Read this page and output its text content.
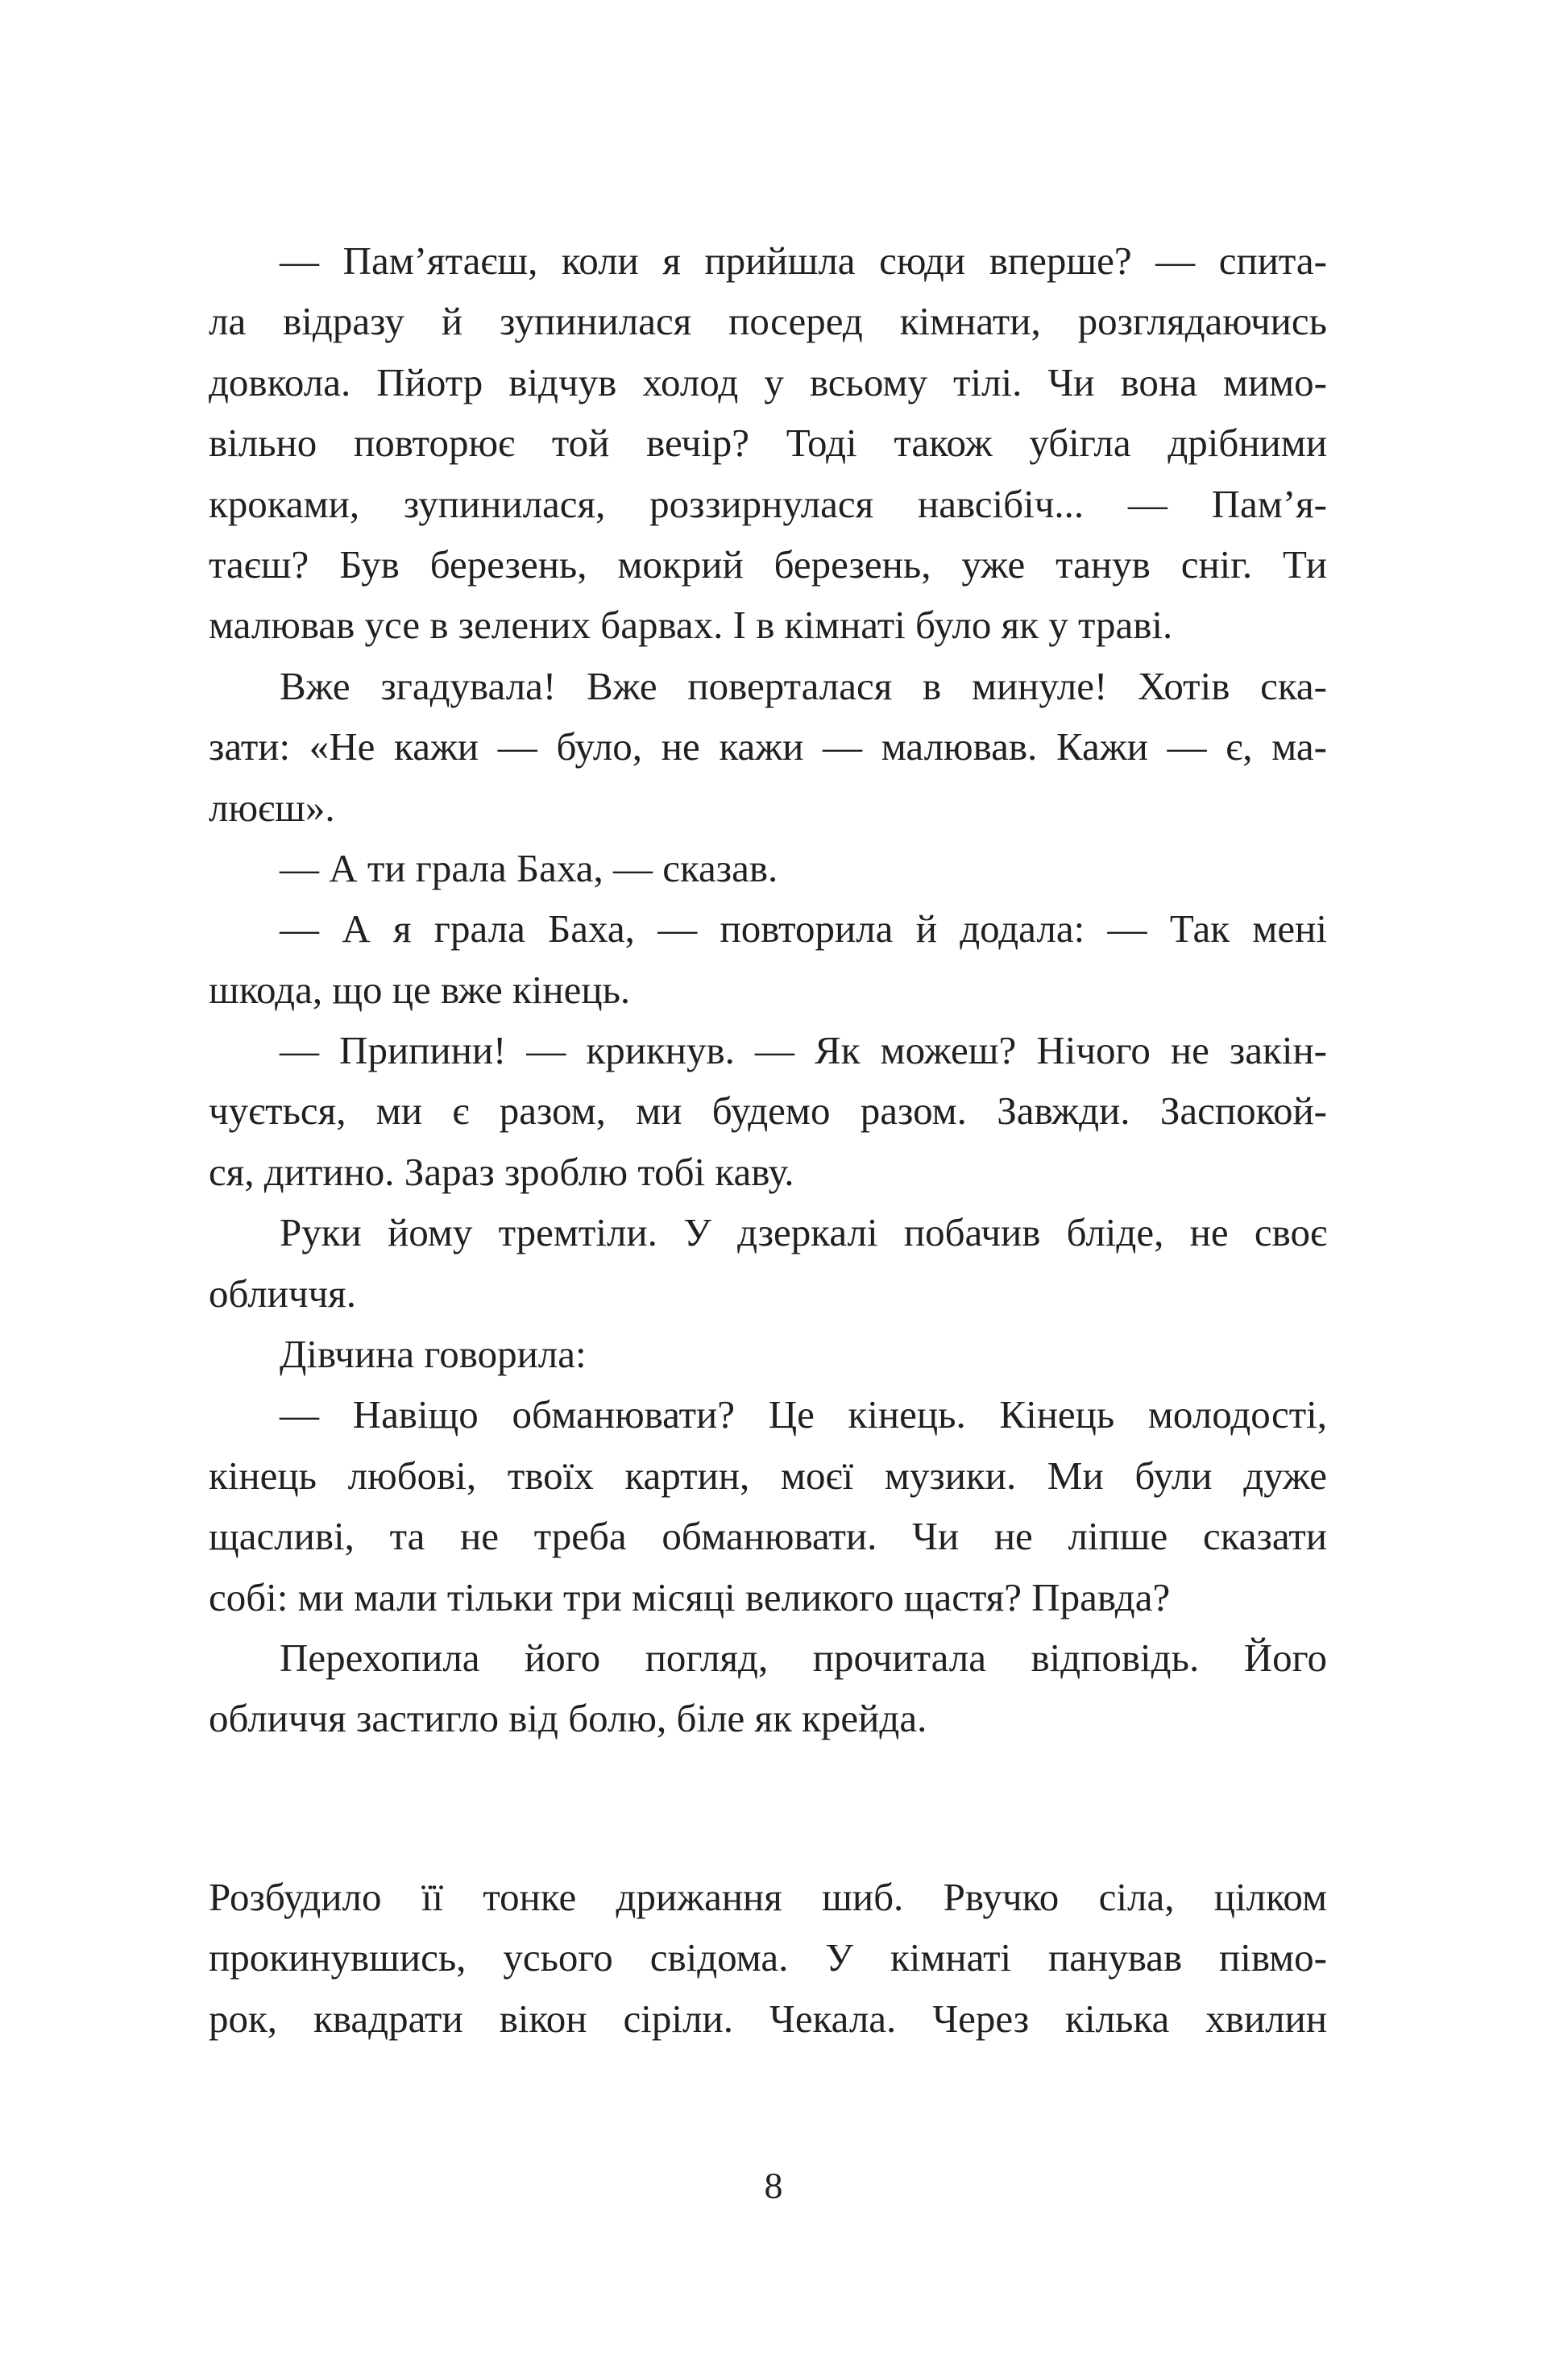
— Пам’ятаєш, коли я прийшла сюди вперше? — спита-
ла відразу й зупинилася посеред кімнати, розглядаючись
довкола. Пйотр відчув холод у всьому тілі. Чи вона мимо-
вільно повторює той вечір? Тоді також убігла дрібними
кроками, зупинилася, роззирнулася навсібіч... — Пам’я-
таєш? Був березень, мокрий березень, уже танув сніг. Ти
малював усе в зелених барвах. І в кімнаті було як у траві.
Вже згадувала! Вже поверталася в минуле! Хотів ска-
зати: «Не кажи — було, не кажи — малював. Кажи — є, ма-
люєш».
— А ти грала Баха, — сказав.
— А я грала Баха, — повторила й додала: — Так мені
шкода, що це вже кінець.
— Припини! — крикнув. — Як можеш? Нічого не закін-
чується, ми є разом, ми будемо разом. Завжди. Заспокой-
ся, дитино. Зараз зроблю тобі каву.
Руки йому тремтіли. У дзеркалі побачив бліде, не своє
обличчя.
Дівчина говорила:
— Навіщо обманювати? Це кінець. Кінець молодості,
кінець любові, твоїх картин, моєї музики. Ми були дуже
щасливі, та не треба обманювати. Чи не ліпше сказати
собі: ми мали тільки три місяці великого щастя? Правда?
Перехопила його погляд, прочитала відповідь. Його
обличчя застигло від болю, біле як крейда.
Розбудило її тонке дрижання шиб. Рвучко сіла, цілком
прокинувшись, усього свідома. У кімнаті панував півмо-
рок, квадрати вікон сіріли. Чекала. Через кілька хвилин
8
